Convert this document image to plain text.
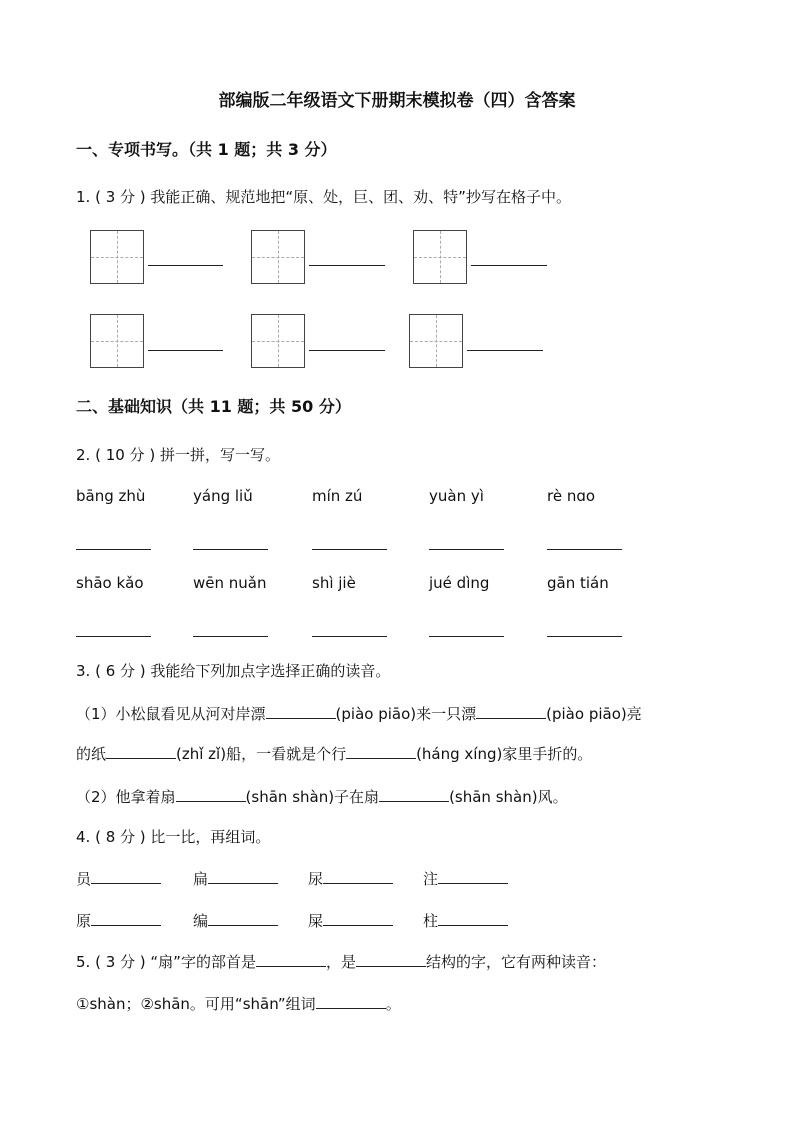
部编版二年级语文下册期末模拟卷（四）含答案
一、专项书写。（共 1 题；共 3 分）
1. ( 3 分 ) 我能正确、规范地把“原、处，巨、团、劝、特”抄写在格子中。
二、基础知识（共 11 题；共 50 分）
2. ( 10 分 ) 拼一拼，写一写。
bāng zhù	yáng liǔ	mín zú	yuàn yì	rè nɑo
shāo kǎo	wēn nuǎn	shì jiè	jué dìng	gān tián
3. ( 6 分 ) 我能给下列加点字选择正确的读音。
（1）小松鼠看见从河对岸漂	(piào piāo)来一只漂	(piào piāo)亮
的纸	(zhǐ zǐ)船，一看就是个行	(háng xíng)家里手折的。
（2）他拿着扇	(shān shàn)子在扇	(shān shàn)风。
4. ( 8 分 ) 比一比，再组词。
员	扁	尿	注
原	编	屎	柱
5. ( 3 分 ) “扇”字的部首是	，是	结构的字，它有两种读音：
①shàn；②shān。可用“shān”组词	。
